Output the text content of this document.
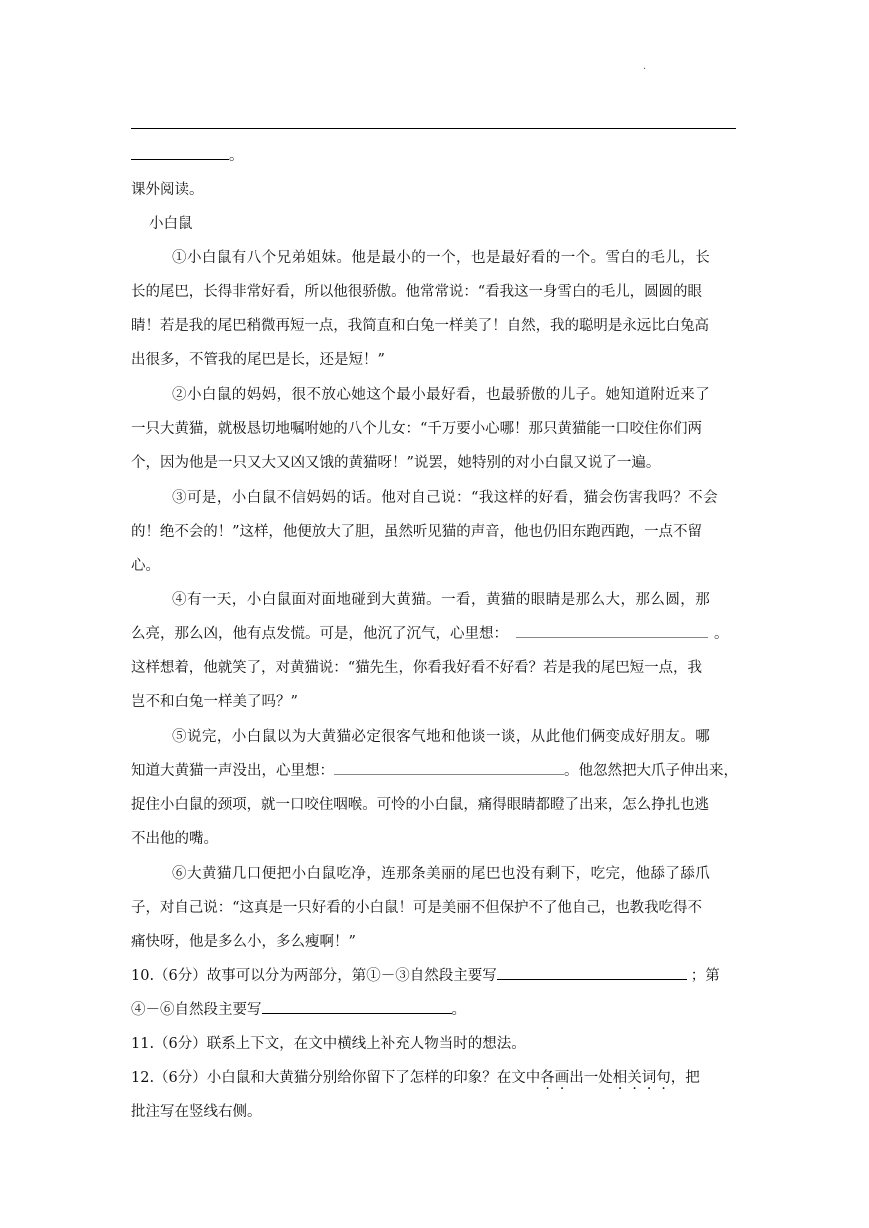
·
。
课外阅读。
小白鼠
①小白鼠有八个兄弟姐妹。他是最小的一个，也是最好看的一个。雪白的毛儿，长
长的尾巴，长得非常好看，所以他很骄傲。他常常说：“看我这一身雪白的毛儿，圆圆的眼
睛！若是我的尾巴稍微再短一点，我简直和白兔一样美了！自然，我的聪明是永远比白兔高
出很多，不管我的尾巴是长，还是短！”
②小白鼠的妈妈，很不放心她这个最小最好看，也最骄傲的儿子。她知道附近来了
一只大黄猫，就极恳切地嘱咐她的八个儿女：“千万要小心哪！那只黄猫能一口咬住你们两
个，因为他是一只又大又凶又饿的黄猫呀！”说罢，她特别的对小白鼠又说了一遍。
③可是，小白鼠不信妈妈的话。他对自己说：“我这样的好看，猫会伤害我吗？不会
的！绝不会的！”这样，他便放大了胆，虽然听见猫的声音，他也仍旧东跑西跑，一点不留
心。
④有一天，小白鼠面对面地碰到大黄猫。一看，黄猫的眼睛是那么大，那么圆，那
么亮，那么凶，他有点发慌。可是，他沉了沉气，心里想：	。
这样想着，他就笑了，对黄猫说：“猫先生，你看我好看不好看？若是我的尾巴短一点，我
岂不和白兔一样美了吗？”
⑤说完，小白鼠以为大黄猫必定很客气地和他谈一谈，从此他们俩变成好朋友。哪
知道大黄猫一声没出，心里想：	。他忽然把大爪子伸出来，
捉住小白鼠的颈项，就一口咬住咽喉。可怜的小白鼠，痛得眼睛都瞪了出来，怎么挣扎也逃
不出他的嘴。
⑥大黄猫几口便把小白鼠吃净，连那条美丽的尾巴也没有剩下，吃完，他舔了舔爪
子，对自己说：“这真是一只好看的小白鼠！可是美丽不但保护不了他自己，也教我吃得不
痛快呀，他是多么小，多么瘦啊！”
10.（6分）故事可以分为两部分，第①－③自然段主要写	；第
④－⑥自然段主要写	。
11.（6分）联系上下文，在文中横线上补充人物当时的想法。
12.（6分）小白鼠和大黄猫分别给你留下了怎样的印象？在文中各画出一处相关词句，把
批注写在竖线右侧。
